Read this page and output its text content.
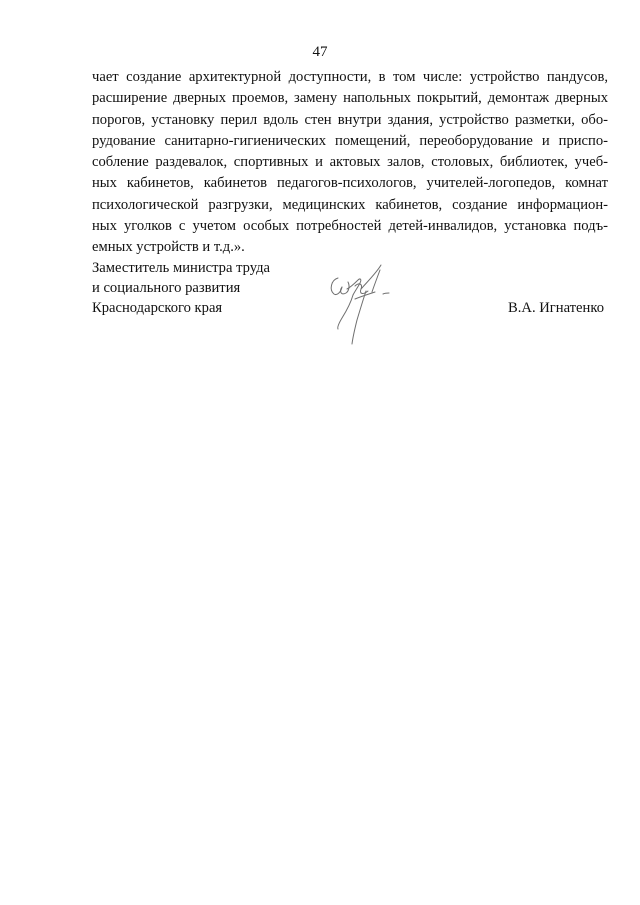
47
чает создание архитектурной доступности, в том числе: устройство пандусов,
расширение дверных проемов, замену напольных покрытий, демонтаж дверных
порогов, установку перил вдоль стен внутри здания, устройство разметки, обо-
рудование санитарно-гигиенических помещений, переоборудование и приспо-
собление раздевалок, спортивных и актовых залов, столовых, библиотек, учеб-
ных кабинетов, кабинетов педагогов-психологов, учителей-логопедов, комнат
психологической разгрузки, медицинских кабинетов, создание информацион-
ных уголков с учетом особых потребностей детей-инвалидов, установка подъ-
емных устройств и т.д.».
Заместитель министра труда
и социального развития
Краснодарского края	В.А. Игнатенко
